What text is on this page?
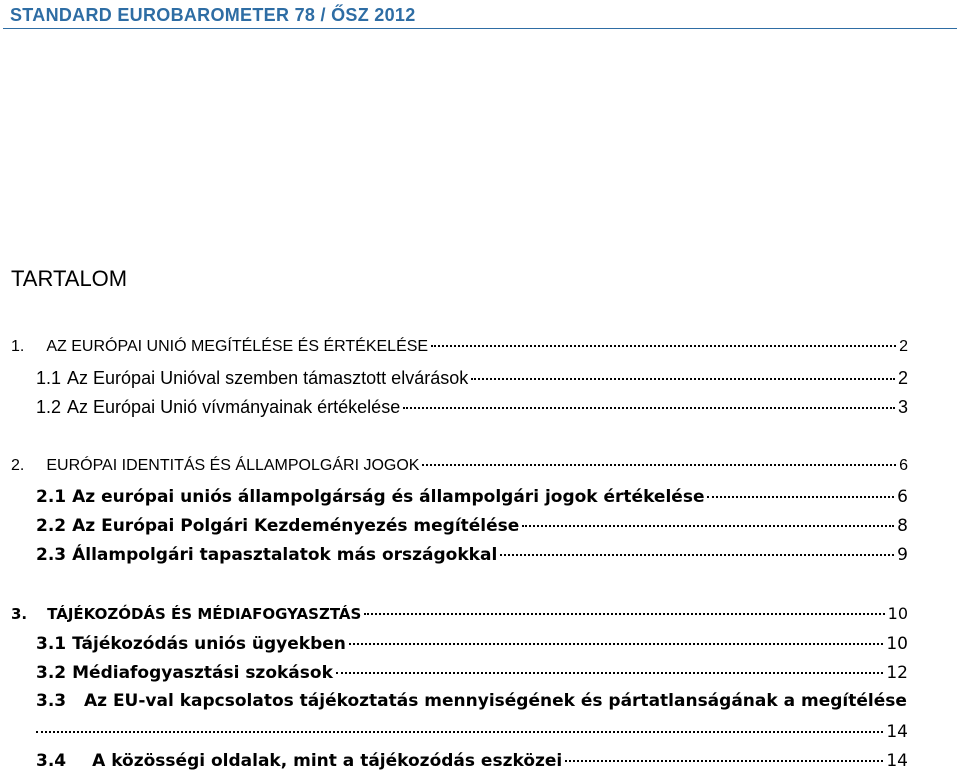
STANDARD EUROBAROMETER 78 / ŐSZ 2012
TARTALOM
1. AZ EURÓPAI UNIÓ MEGÍTÉLÉSE ÉS ÉRTÉKELÉSE	2
1.1 Az Európai Unióval szemben támasztott elvárások	2
1.2 Az Európai Unió vívmányainak értékelése	3
2. EURÓPAI IDENTITÁS ÉS ÁLLAMPOLGÁRI JOGOK	6
2.1 Az európai uniós állampolgárság és állampolgári jogok értékelése	6
2.2 Az Európai Polgári Kezdeményezés megítélése	8
2.3 Állampolgári tapasztalatok más országokkal	9
3. TÁJÉKOZÓDÁS ÉS MÉDIAFOGYASZTÁS	10
3.1 Tájékozódás uniós ügyekben	10
3.2 Médiafogyasztási szokások	12
3.3 Az EU-val kapcsolatos tájékoztatás mennyiségének és pártatlanságának a megítélése
14
3.4 A közösségi oldalak, mint a tájékozódás eszközei	14
